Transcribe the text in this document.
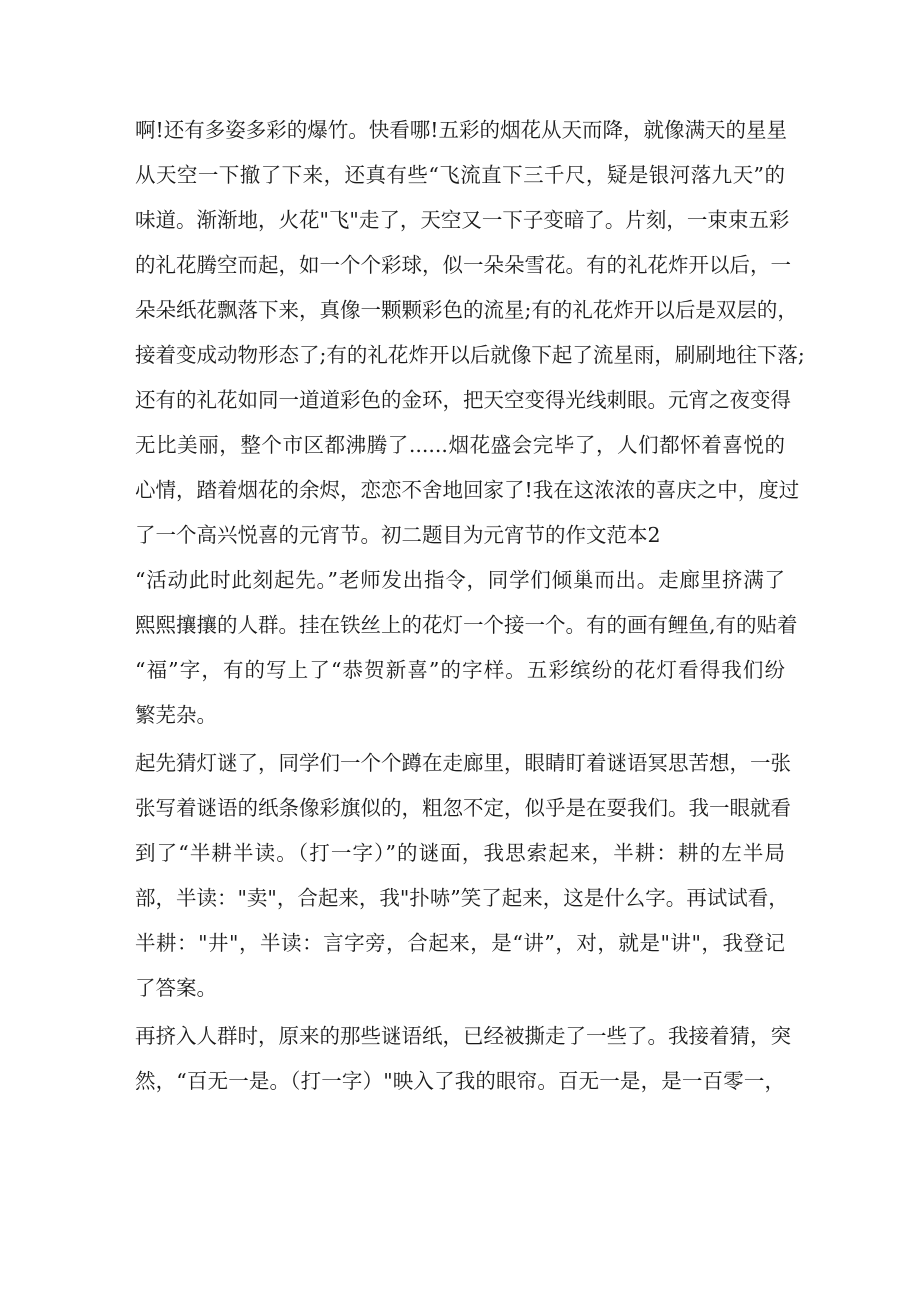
啊!还有多姿多彩的爆竹。快看哪!五彩的烟花从天而降，就像满天的星星
从天空一下撤了下来，还真有些“飞流直下三千尺，疑是银河落九天”的
味道。渐渐地，火花"飞"走了，天空又一下子变暗了。片刻，一束束五彩
的礼花腾空而起，如一个个彩球，似一朵朵雪花。有的礼花炸开以后，一
朵朵纸花飘落下来，真像一颗颗彩色的流星;有的礼花炸开以后是双层的，
接着变成动物形态了;有的礼花炸开以后就像下起了流星雨，刷刷地往下落;
还有的礼花如同一道道彩色的金环，把天空变得光线刺眼。元宵之夜变得
无比美丽，整个市区都沸腾了......烟花盛会完毕了，人们都怀着喜悦的
心情，踏着烟花的余烬，恋恋不舍地回家了!我在这浓浓的喜庆之中，度过
了一个高兴悦喜的元宵节。初二题目为元宵节的作文范本2
“活动此时此刻起先。”老师发出指令，同学们倾巢而出。走廊里挤满了
熙熙攘攘的人群。挂在铁丝上的花灯一个接一个。有的画有鲤鱼,有的贴着
“福”字，有的写上了“恭贺新喜”的字样。五彩缤纷的花灯看得我们纷
繁芜杂。
起先猜灯谜了，同学们一个个蹲在走廊里，眼睛盯着谜语冥思苦想，一张
张写着谜语的纸条像彩旗似的，粗忽不定，似乎是在耍我们。我一眼就看
到了“半耕半读。（打一字）”的谜面，我思索起来，半耕：耕的左半局
部，半读："卖"，合起来，我"扑哧”笑了起来，这是什么字。再试试看，
半耕："井"，半读：言字旁，合起来，是“讲”，对，就是"讲"，我登记
了答案。
再挤入人群时，原来的那些谜语纸，已经被撕走了一些了。我接着猜，突
然，“百无一是。（打一字）"映入了我的眼帘。百无一是，是一百零一，
